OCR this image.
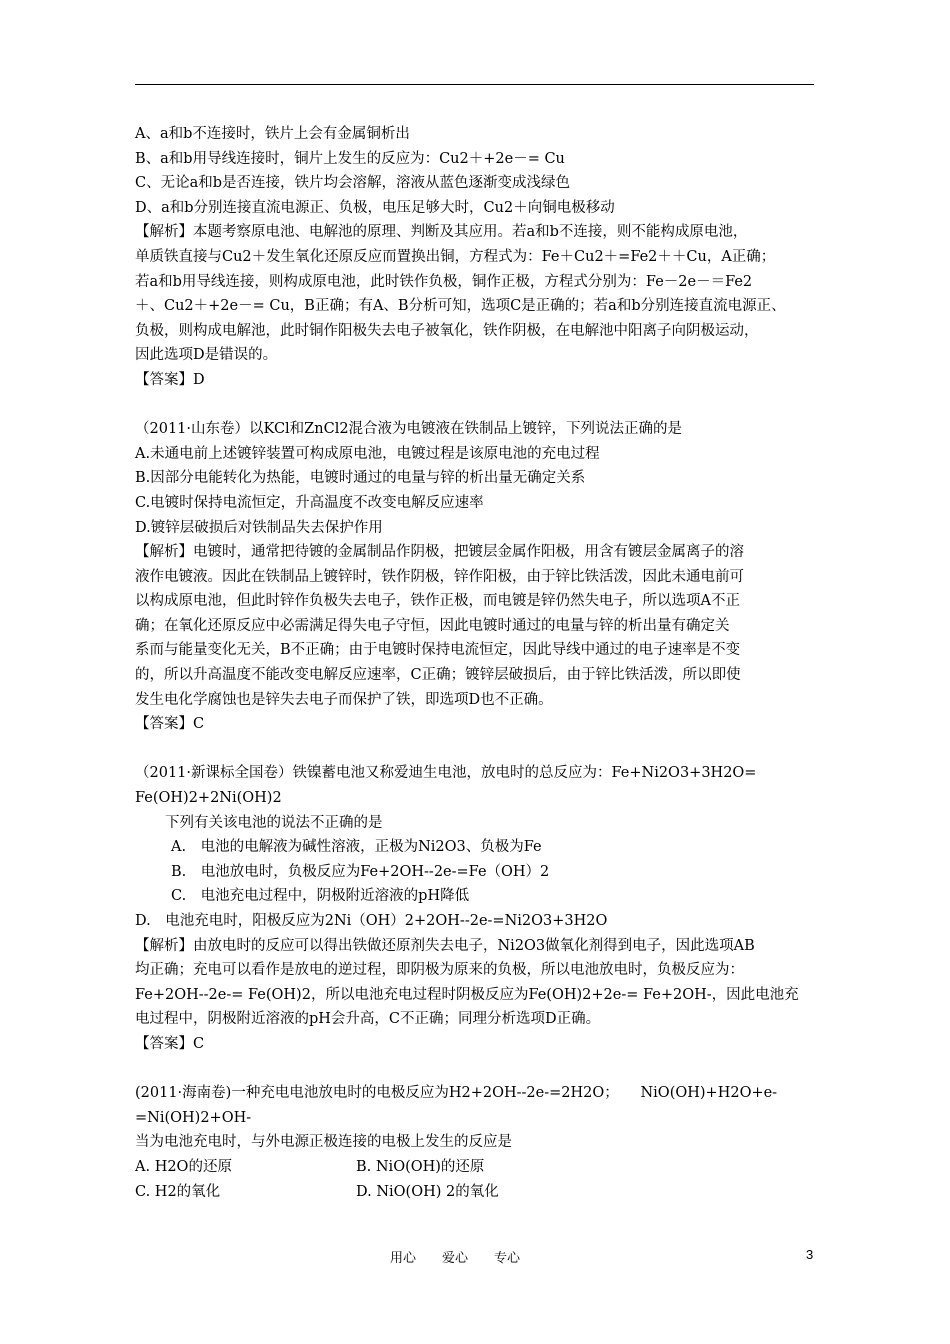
A、a和b不连接时，铁片上会有金属铜析出
B、a和b用导线连接时，铜片上发生的反应为：Cu2＋+2e－= Cu
C、无论a和b是否连接，铁片均会溶解，溶液从蓝色逐渐变成浅绿色
D、a和b分别连接直流电源正、负极，电压足够大时，Cu2＋向铜电极移动
【解析】本题考察原电池、电解池的原理、判断及其应用。若a和b不连接，则不能构成原电池，
单质铁直接与Cu2＋发生氧化还原反应而置换出铜，方程式为：Fe＋Cu2＋=Fe2＋＋Cu，A正确；
若a和b用导线连接，则构成原电池，此时铁作负极，铜作正极，方程式分别为：Fe－2e－＝Fe2
＋、Cu2＋+2e－= Cu，B正确；有A、B分析可知，选项C是正确的；若a和b分别连接直流电源正、
负极，则构成电解池，此时铜作阳极失去电子被氧化，铁作阴极，在电解池中阳离子向阴极运动，
因此选项D是错误的。
【答案】D
（2011·山东卷）以KCl和ZnCl2混合液为电镀液在铁制品上镀锌，下列说法正确的是
A.未通电前上述镀锌装置可构成原电池，电镀过程是该原电池的充电过程
B.因部分电能转化为热能，电镀时通过的电量与锌的析出量无确定关系
C.电镀时保持电流恒定，升高温度不改变电解反应速率
D.镀锌层破损后对铁制品失去保护作用
【解析】电镀时，通常把待镀的金属制品作阴极，把镀层金属作阳极，用含有镀层金属离子的溶
液作电镀液。因此在铁制品上镀锌时，铁作阴极，锌作阳极，由于锌比铁活泼，因此未通电前可
以构成原电池，但此时锌作负极失去电子，铁作正极，而电镀是锌仍然失电子，所以选项A不正
确；在氧化还原反应中必需满足得失电子守恒，因此电镀时通过的电量与锌的析出量有确定关
系而与能量变化无关，B不正确；由于电镀时保持电流恒定，因此导线中通过的电子速率是不变
的，所以升高温度不能改变电解反应速率，C正确；镀锌层破损后，由于锌比铁活泼，所以即使
发生电化学腐蚀也是锌失去电子而保护了铁，即选项D也不正确。
【答案】C
（2011·新课标全国卷）铁镍蓄电池又称爱迪生电池，放电时的总反应为：Fe+Ni2O3+3H2O=
Fe(OH)2+2Ni(OH)2
下列有关该电池的说法不正确的是
A.　电池的电解液为碱性溶液，正极为Ni2O3、负极为Fe
B.　电池放电时，负极反应为Fe+2OH--2e-=Fe（OH）2
C.　电池充电过程中，阴极附近溶液的pH降低
D.　电池充电时，阳极反应为2Ni（OH）2+2OH--2e-=Ni2O3+3H2O
【解析】由放电时的反应可以得出铁做还原剂失去电子，Ni2O3做氧化剂得到电子，因此选项AB
均正确；充电可以看作是放电的逆过程，即阴极为原来的负极，所以电池放电时，负极反应为：
Fe+2OH--2e-= Fe(OH)2，所以电池充电过程时阴极反应为Fe(OH)2+2e-= Fe+2OH-，因此电池充
电过程中，阴极附近溶液的pH会升高，C不正确；同理分析选项D正确。
【答案】C
(2011·海南卷)一种充电电池放电时的电极反应为H2+2OH--2e-=2H2O；　　NiO(OH)+H2O+e-
=Ni(OH)2+OH-
当为电池充电时，与外电源正极连接的电极上发生的反应是
A. H2O的还原	B. NiO(OH)的还原
C. H2的氧化	D. NiO(OH) 2的氧化
用心　　爱心　　专心	3
